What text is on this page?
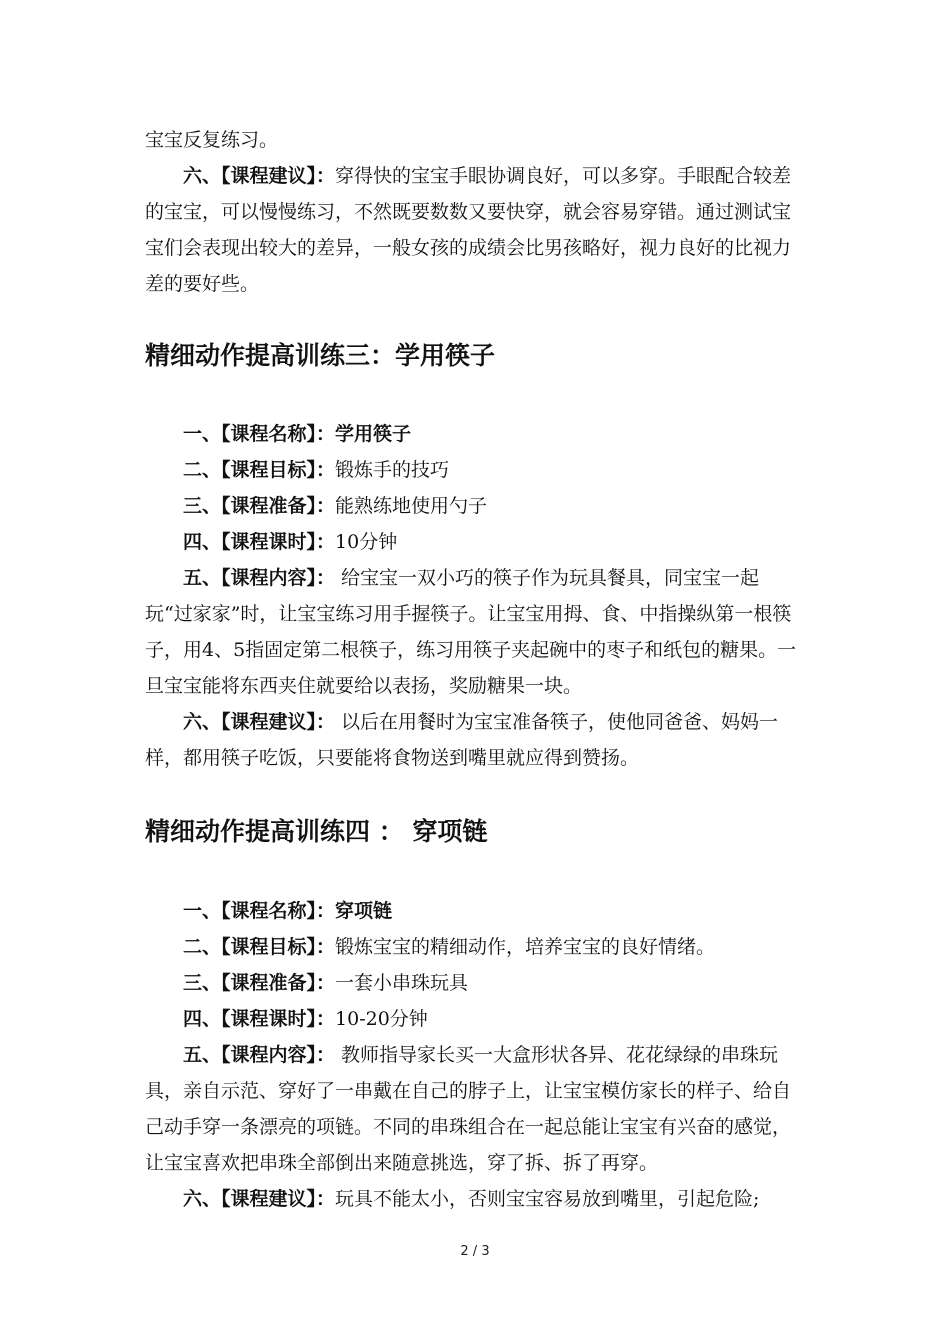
宝宝反复练习。

六、【课程建议】：穿得快的宝宝手眼协调良好，可以多穿。手眼配合较差的宝宝，可以慢慢练习，不然既要数数又要快穿，就会容易穿错。通过测试宝宝们会表现出较大的差异，一般女孩的成绩会比男孩略好，视力良好的比视力差的要好些。

精细动作提高训练三：学用筷子

一、【课程名称】：学用筷子

二、【课程目标】：锻炼手的技巧

三、【课程准备】：能熟练地使用勺子

四、【课程课时】：10分钟

五、【课程内容】： 给宝宝一双小巧的筷子作为玩具餐具，同宝宝一起玩“过家家”时，让宝宝练习用手握筷子。让宝宝用拇、食、中指操纵第一根筷子，用4、5指固定第二根筷子，练习用筷子夹起碗中的枣子和纸包的糖果。一旦宝宝能将东西夹住就要给以表扬，奖励糖果一块。

六、【课程建议】： 以后在用餐时为宝宝准备筷子，使他同爸爸、妈妈一样，都用筷子吃饭，只要能将食物送到嘴里就应得到赞扬。

精细动作提高训练四 ： 穿项链

一、【课程名称】：穿项链

二、【课程目标】：锻炼宝宝的精细动作，培养宝宝的良好情绪。

三、【课程准备】：一套小串珠玩具

四、【课程课时】：10-20分钟

五、【课程内容】： 教师指导家长买一大盒形状各异、花花绿绿的串珠玩具，亲自示范、穿好了一串戴在自己的脖子上，让宝宝模仿家长的样子、给自己动手穿一条漂亮的项链。不同的串珠组合在一起总能让宝宝有兴奋的感觉，让宝宝喜欢把串珠全部倒出来随意挑选，穿了拆、拆了再穿。

六、【课程建议】：玩具不能太小，否则宝宝容易放到嘴里，引起危险;

2 / 3
